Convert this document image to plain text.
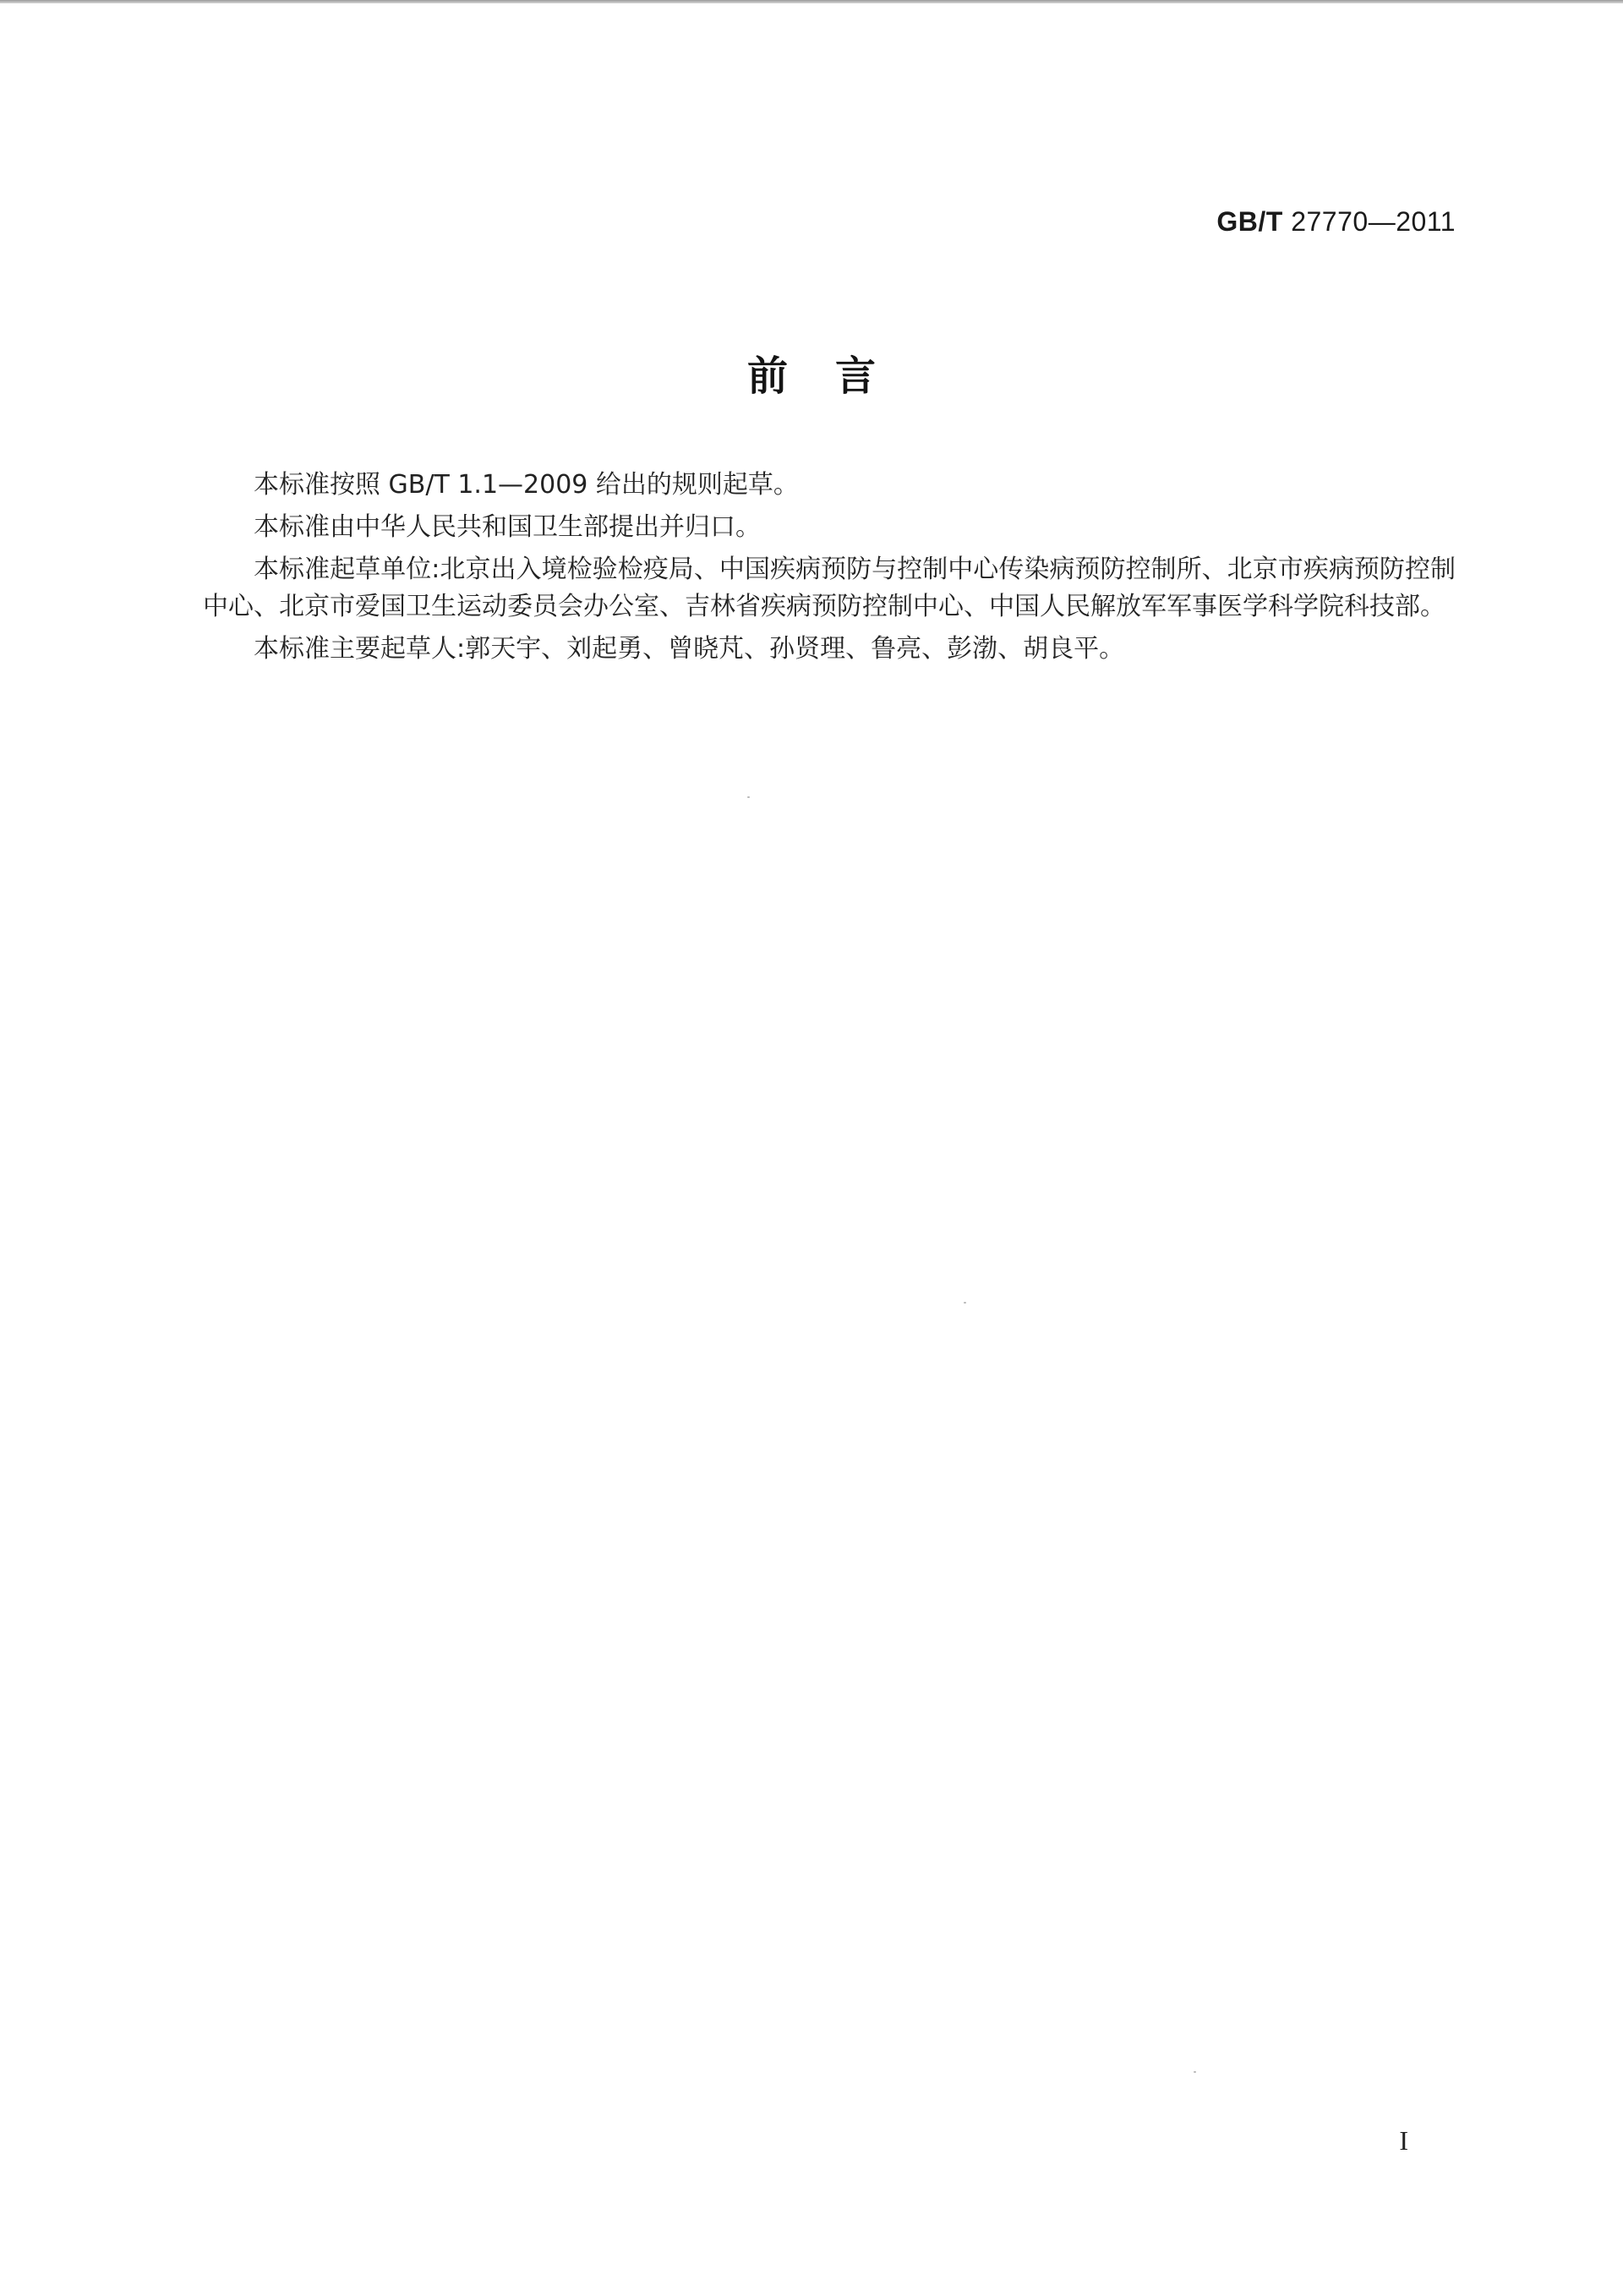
GB/T 27770—2011
前言

本标准按照 GB/T 1.1—2009 给出的规则起草。

本标准由中华人民共和国卫生部提出并归口。

本标准起草单位:北京出入境检验检疫局、中国疾病预防与控制中心传染病预防控制所、北京市疾病预防控制中心、北京市爱国卫生运动委员会办公室、吉林省疾病预防控制中心、中国人民解放军军事医学科学院科技部。

本标准主要起草人:郭天宇、刘起勇、曾晓芃、孙贤理、鲁亮、彭渤、胡良平。

I
